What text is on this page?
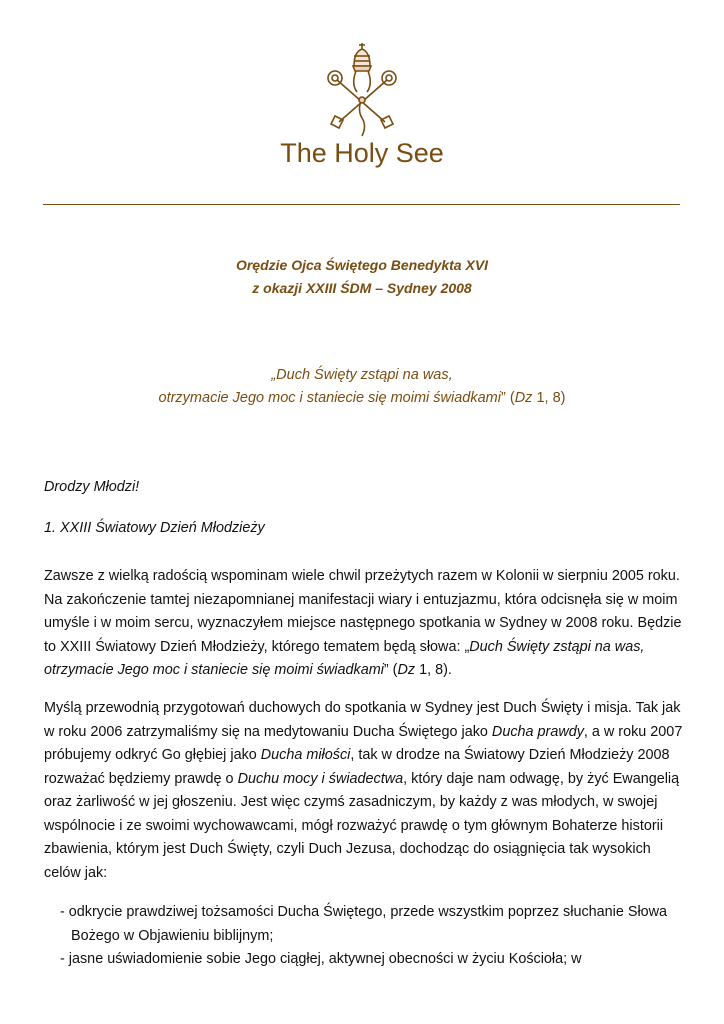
The Holy See
Orędzie Ojca Świętego Benedykta XVI
z okazji XXIII ŚDM – Sydney 2008
„Duch Święty zstąpi na was,
otrzymacie Jego moc i staniecie się moimi świadkami” (Dz 1, 8)
Drodzy Młodzi!
1. XXIII Światowy Dzień Młodzieży
Zawsze z wielką radością wspominam wiele chwil przeżytych razem w Kolonii w sierpniu 2005 roku. Na zakończenie tamtej niezapomnianej manifestacji wiary i entuzjazmu, która odcisnęła się w moim umyśle i w moim sercu, wyznaczyłem miejsce następnego spotkania w Sydney w 2008 roku. Będzie to XXIII Światowy Dzień Młodzieży, którego tematem będą słowa: „Duch Święty zstąpi na was, otrzymacie Jego moc i staniecie się moimi świadkami” (Dz 1, 8).
Myślą przewodnią przygotowań duchowych do spotkania w Sydney jest Duch Święty i misja. Tak jak w roku 2006 zatrzymaliśmy się na medytowaniu Ducha Świętego jako Ducha prawdy, a w roku 2007 próbujemy odkryć Go głębiej jako Ducha miłości, tak w drodze na Światowy Dzień Młodzieży 2008 rozważać będziemy prawdę o Duchu mocy i świadectwa, który daje nam odwagę, by żyć Ewangelią oraz żarliwość w jej głoszeniu. Jest więc czymś zasadniczym, by każdy z was młodych, w swojej wspólnocie i ze swoimi wychowawcami, mógł rozważyć prawdę o tym głównym Bohaterze historii zbawienia, którym jest Duch Święty, czyli Duch Jezusa, dochodząc do osiągnięcia tak wysokich celów jak:
- odkrycie prawdziwej tożsamości Ducha Świętego, przede wszystkim poprzez słuchanie Słowa Bożego w Objawieniu biblijnym;
- jasne uświadomienie sobie Jego ciągłej, aktywnej obecności w życiu Kościoła; w
